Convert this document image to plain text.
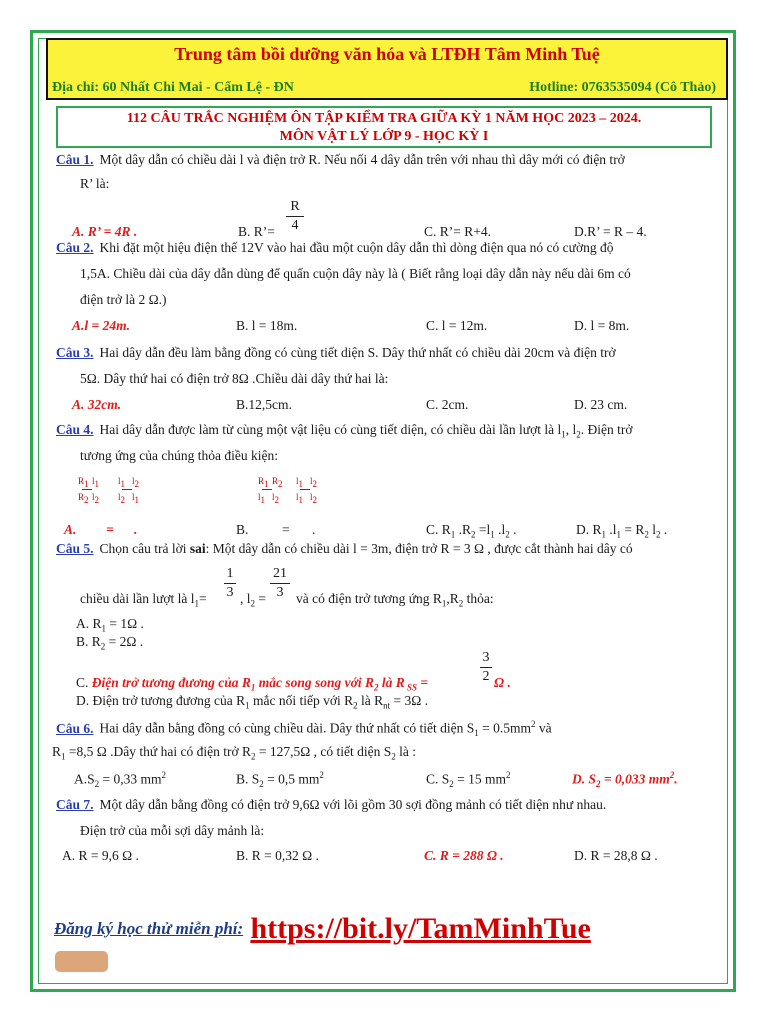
Trung tâm bồi dưỡng văn hóa và LTĐH Tâm Minh Tuệ
Địa chỉ: 60 Nhất Chi Mai - Cẩm Lệ - ĐN	Hotline: 0763535094 (Cô Thảo)
112 CÂU TRẮC NGHIỆM ÔN TẬP KIỂM TRA GIỮA KỲ 1 NĂM HỌC 2023 – 2024.
MÔN VẬT LÝ LỚP 9 - HỌC KỲ I
Câu 1. Một dây dẫn có chiều dài l và điện trở R. Nếu nối 4 dây dẫn trên với nhau thì dây mới có điện trở
R’ là:
A. R’ = 4R .	B. R’=
R
4	C. R’= R+4.	D.R’ = R – 4.
Câu 2. Khi đặt một hiệu điện thế 12V vào hai đầu một cuộn dây dẫn thì dòng điện qua nó có cường độ
1,5A. Chiều dài của dây dẫn dùng để quấn cuộn dây này là ( Biết rằng loại dây dẫn này nếu dài 6m có
điện trở là 2 Ω.)
A.l = 24m.	B. l = 18m.	C. l = 12m.	D. l = 8m.
Câu 3. Hai dây dẫn đều làm bằng đồng có cùng tiết diện S. Dây thứ nhất có chiều dài 20cm và điện trở
5Ω. Dây thứ hai có điện trở 8Ω .Chiều dài dây thứ hai là:
A. 32cm.	B.12,5cm.	C. 2cm.	D. 23 cm.
Câu 4. Hai dây dẫn được làm từ cùng một vật liệu có cùng tiết diện, có chiều dài lần lượt là $l_1$, $l_2$. Điện trở
tương ứng của chúng thỏa điều kiện:
$R_1$ $l_1$
$R_2$ $l_2$
$l_1$ $l_2$
$l_2$ $l_1$
A. = .
$R_1$ $R_2$
$l_1$ $l_2$
$l_1$ $l_2$
$l_1$ $l_2$
B. = .	C. $R_1$ $.R_2 =l_1$ $.l_2$ .	D. $R_1$ $.l_1 = R_2$ $l_2$ .
Câu 5. Chọn câu trả lời sai: Một dây dẫn có chiều dài l = 3m, điện trở R = 3 Ω , được cắt thành hai dây có
chiều dài lần lượt là $l_1=$
1
3 , $l_2$ =
21
3 và có điện trở tương ứng $R_1,R_2$ thỏa:
A. $R_1 = 1\Omega$ .
B. $R_2 = 2\Omega$ .
C. Điện trở tương đương của $R_1$ mắc song song với $R_2$ là R $_{SS}$ =
3
2 Ω .
D. Điện trở tương đương của $R_1$ mắc nối tiếp với $R_2$ là $R_{nt} = 3\Omega$ .
Câu 6. Hai dây dẫn bằng đồng có cùng chiều dài. Dây thứ nhất có tiết diện $S_1 = 0.5mm^2$ và
$R_1 =8,5$ Ω .Dây thứ hai có điện trở $R_2 = 127,5\Omega$ , có tiết diện $S_2$ là :
$A.S_2 = 0,33$ $mm^2$	B. $S_2 = 0,5$ $mm^2$	C. $S_2 = 15$ $mm^2$	D. $S_2 = 0,033$ $mm^2$.
Câu 7. Một dây dẫn bằng đồng có điện trở 9,6Ω với lõi gồm 30 sợi đồng mảnh có tiết diện như nhau.
Điện trở của mỗi sợi dây mảnh là:
A. R = 9,6 Ω .	B. R = 0,32 Ω .	C. R = 288 Ω .	D. R = 28,8 Ω .
Đăng ký học thử miễn phí: https://bit.ly/TamMinhTue
